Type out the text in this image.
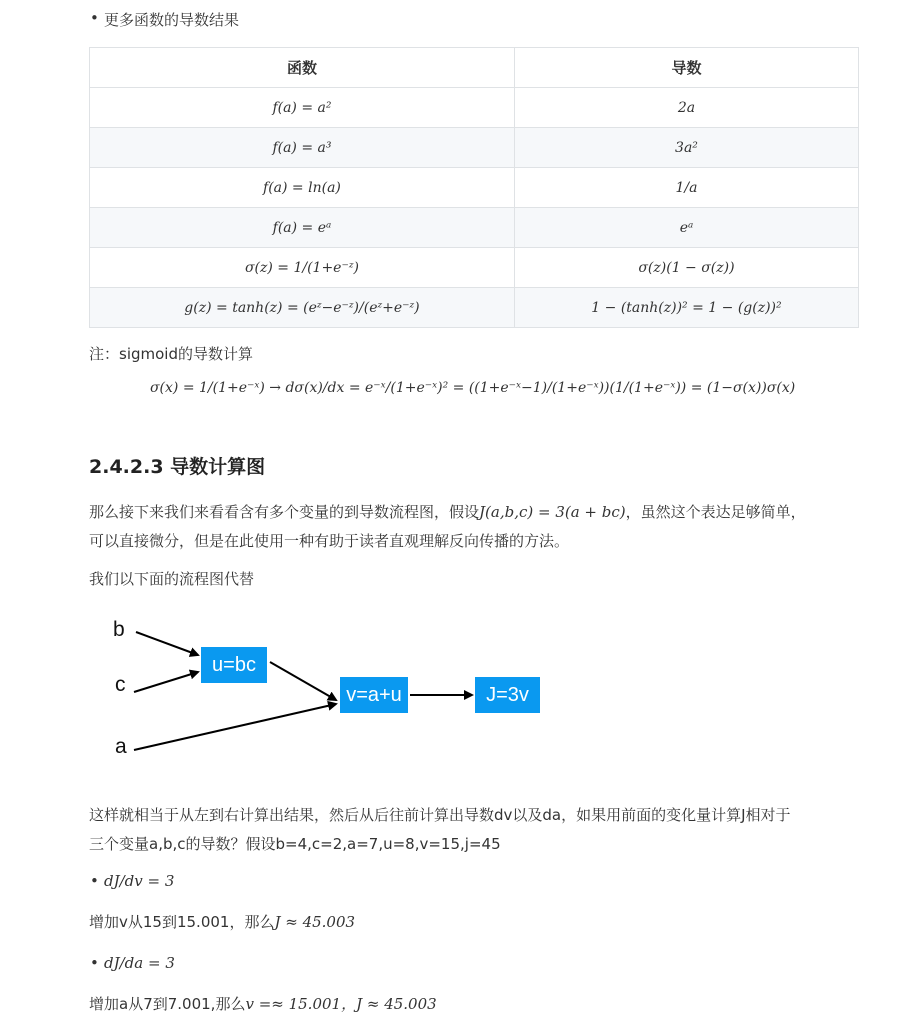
• 更多函数的导数结果
函数	导数
f(a) = a²	2a
f(a) = a³	3a²
f(a) = ln(a)	1/a
f(a) = eᵃ	eᵃ
σ(z) = 1/(1+e⁻ᶻ)	σ(z)(1 − σ(z))
g(z) = tanh(z) = (eᶻ−e⁻ᶻ)/(eᶻ+e⁻ᶻ)	1 − (tanh(z))² = 1 − (g(z))²
注：sigmoid的导数计算
σ(x) = 1/(1+e⁻ˣ) → dσ(x)/dx = e⁻ˣ/(1+e⁻ˣ)² = ((1+e⁻ˣ−1)/(1+e⁻ˣ))(1/(1+e⁻ˣ)) = (1−σ(x))σ(x)
2.4.2.3 导数计算图
那么接下来我们来看看含有多个变量的到导数流程图，假设J(a,b,c) = 3(a + bc)，虽然这个表达足够简单，
可以直接微分，但是在此使用一种有助于读者直观理解反向传播的方法。
我们以下面的流程图代替
b
c
a
u=bc
v=a+u	J=3v
这样就相当于从左到右计算出结果，然后从后往前计算出导数dv以及da，如果用前面的变化量计算J相对于
三个变量a,b,c的导数？假设b=4,c=2,a=7,u=8,v=15,j=45
• dJ/dv = 3
增加v从15到15.001，那么J ≈ 45.003
• dJ/da = 3
增加a从7到7.001,那么v =≈ 15.001，J ≈ 45.003
